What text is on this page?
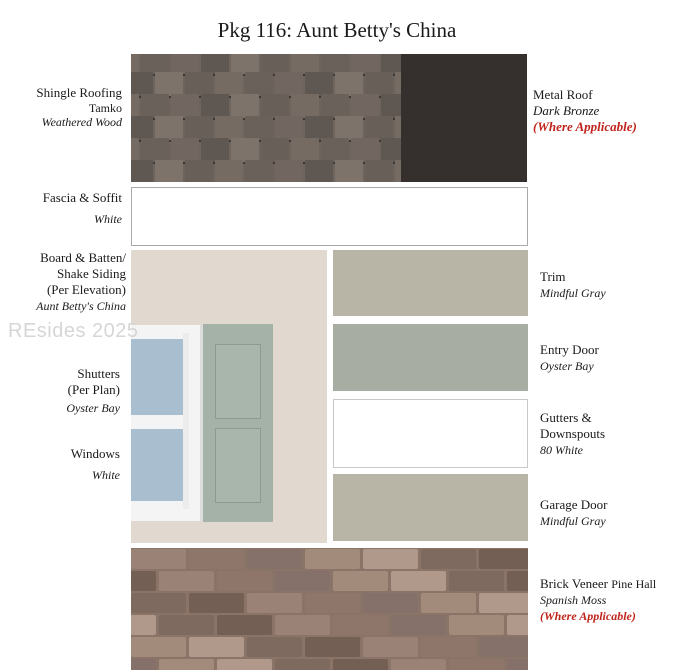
Pkg 116: Aunt Betty's China
Shingle Roofing
Tamko
Weathered Wood
Metal Roof
Dark Bronze
(Where Applicable)
Fascia & Soffit
White
Board & Batten/
Shake Siding
(Per Elevation)
Aunt Betty's China
REsides 2025
Shutters
(Per Plan)
Oyster Bay
Windows
White
Trim
Mindful Gray
Entry Door
Oyster Bay
Gutters &
Downspouts
80 White
Garage Door
Mindful Gray
Brick Veneer Pine Hall
Spanish Moss
(Where Applicable)
